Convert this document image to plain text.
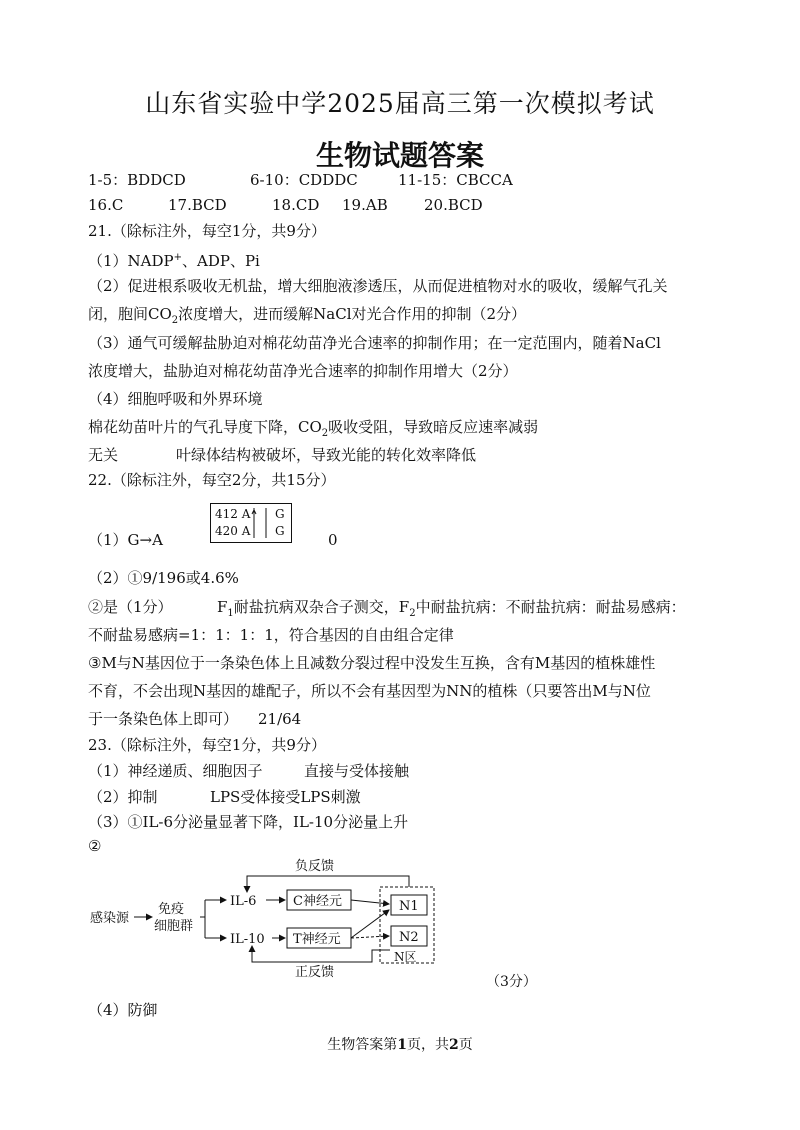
山东省实验中学2025届高三第一次模拟考试
生物试题答案
1-5：BDDCD	6-10：CDDDC	11-15：CBCCA
16.C	17.BCD	18.CD 19.AB 20.BCD
21.（除标注外，每空1分，共9分）
（1）NADP+、ADP、Pi
（2）促进根系吸收无机盐，增大细胞液渗透压，从而促进植物对水的吸收，缓解气孔关
闭，胞间$CO_2$浓度增大，进而缓解NaCl对光合作用的抑制（2分）
（3）通气可缓解盐胁迫对棉花幼苗净光合速率的抑制作用；在一定范围内，随着NaCl
浓度增大，盐胁迫对棉花幼苗净光合速率的抑制作用增大（2分）
（4）细胞呼吸和外界环境
棉花幼苗叶片的气孔导度下降，$CO_2$吸收受阻，导致暗反应速率减弱
无关	叶绿体结构被破坏，导致光能的转化效率降低
22.（除标注外，每空2分，共15分）
（1）G→A
412 A
420 A
G
G	0
（2）①9/196或4.6%
②是（1分）	$F_1$耐盐抗病双杂合子测交，$F_2$中耐盐抗病：不耐盐抗病：耐盐易感病：
不耐盐易感病=1：1：1：1，符合基因的自由组合定律
③M与N基因位于一条染色体上且减数分裂过程中没发生互换，含有M基因的植株雄性
不育，不会出现N基因的雄配子，所以不会有基因型为NN的植株（只要答出M与N位
于一条染色体上即可） 21/64
23.（除标注外，每空1分，共9分）
（1）神经递质、细胞因子	直接与受体接触
（2）抑制	LPS受体接受LPS刺激
（3）①IL-6分泌量显著下降，IL-10分泌量上升
②
负反馈
正反馈
感染源
免疫
细胞群
IL-6
IL-10
C神经元
T神经元
N1
N2
N区
（3分）
（4）防御
生物答案第1页，共2页
